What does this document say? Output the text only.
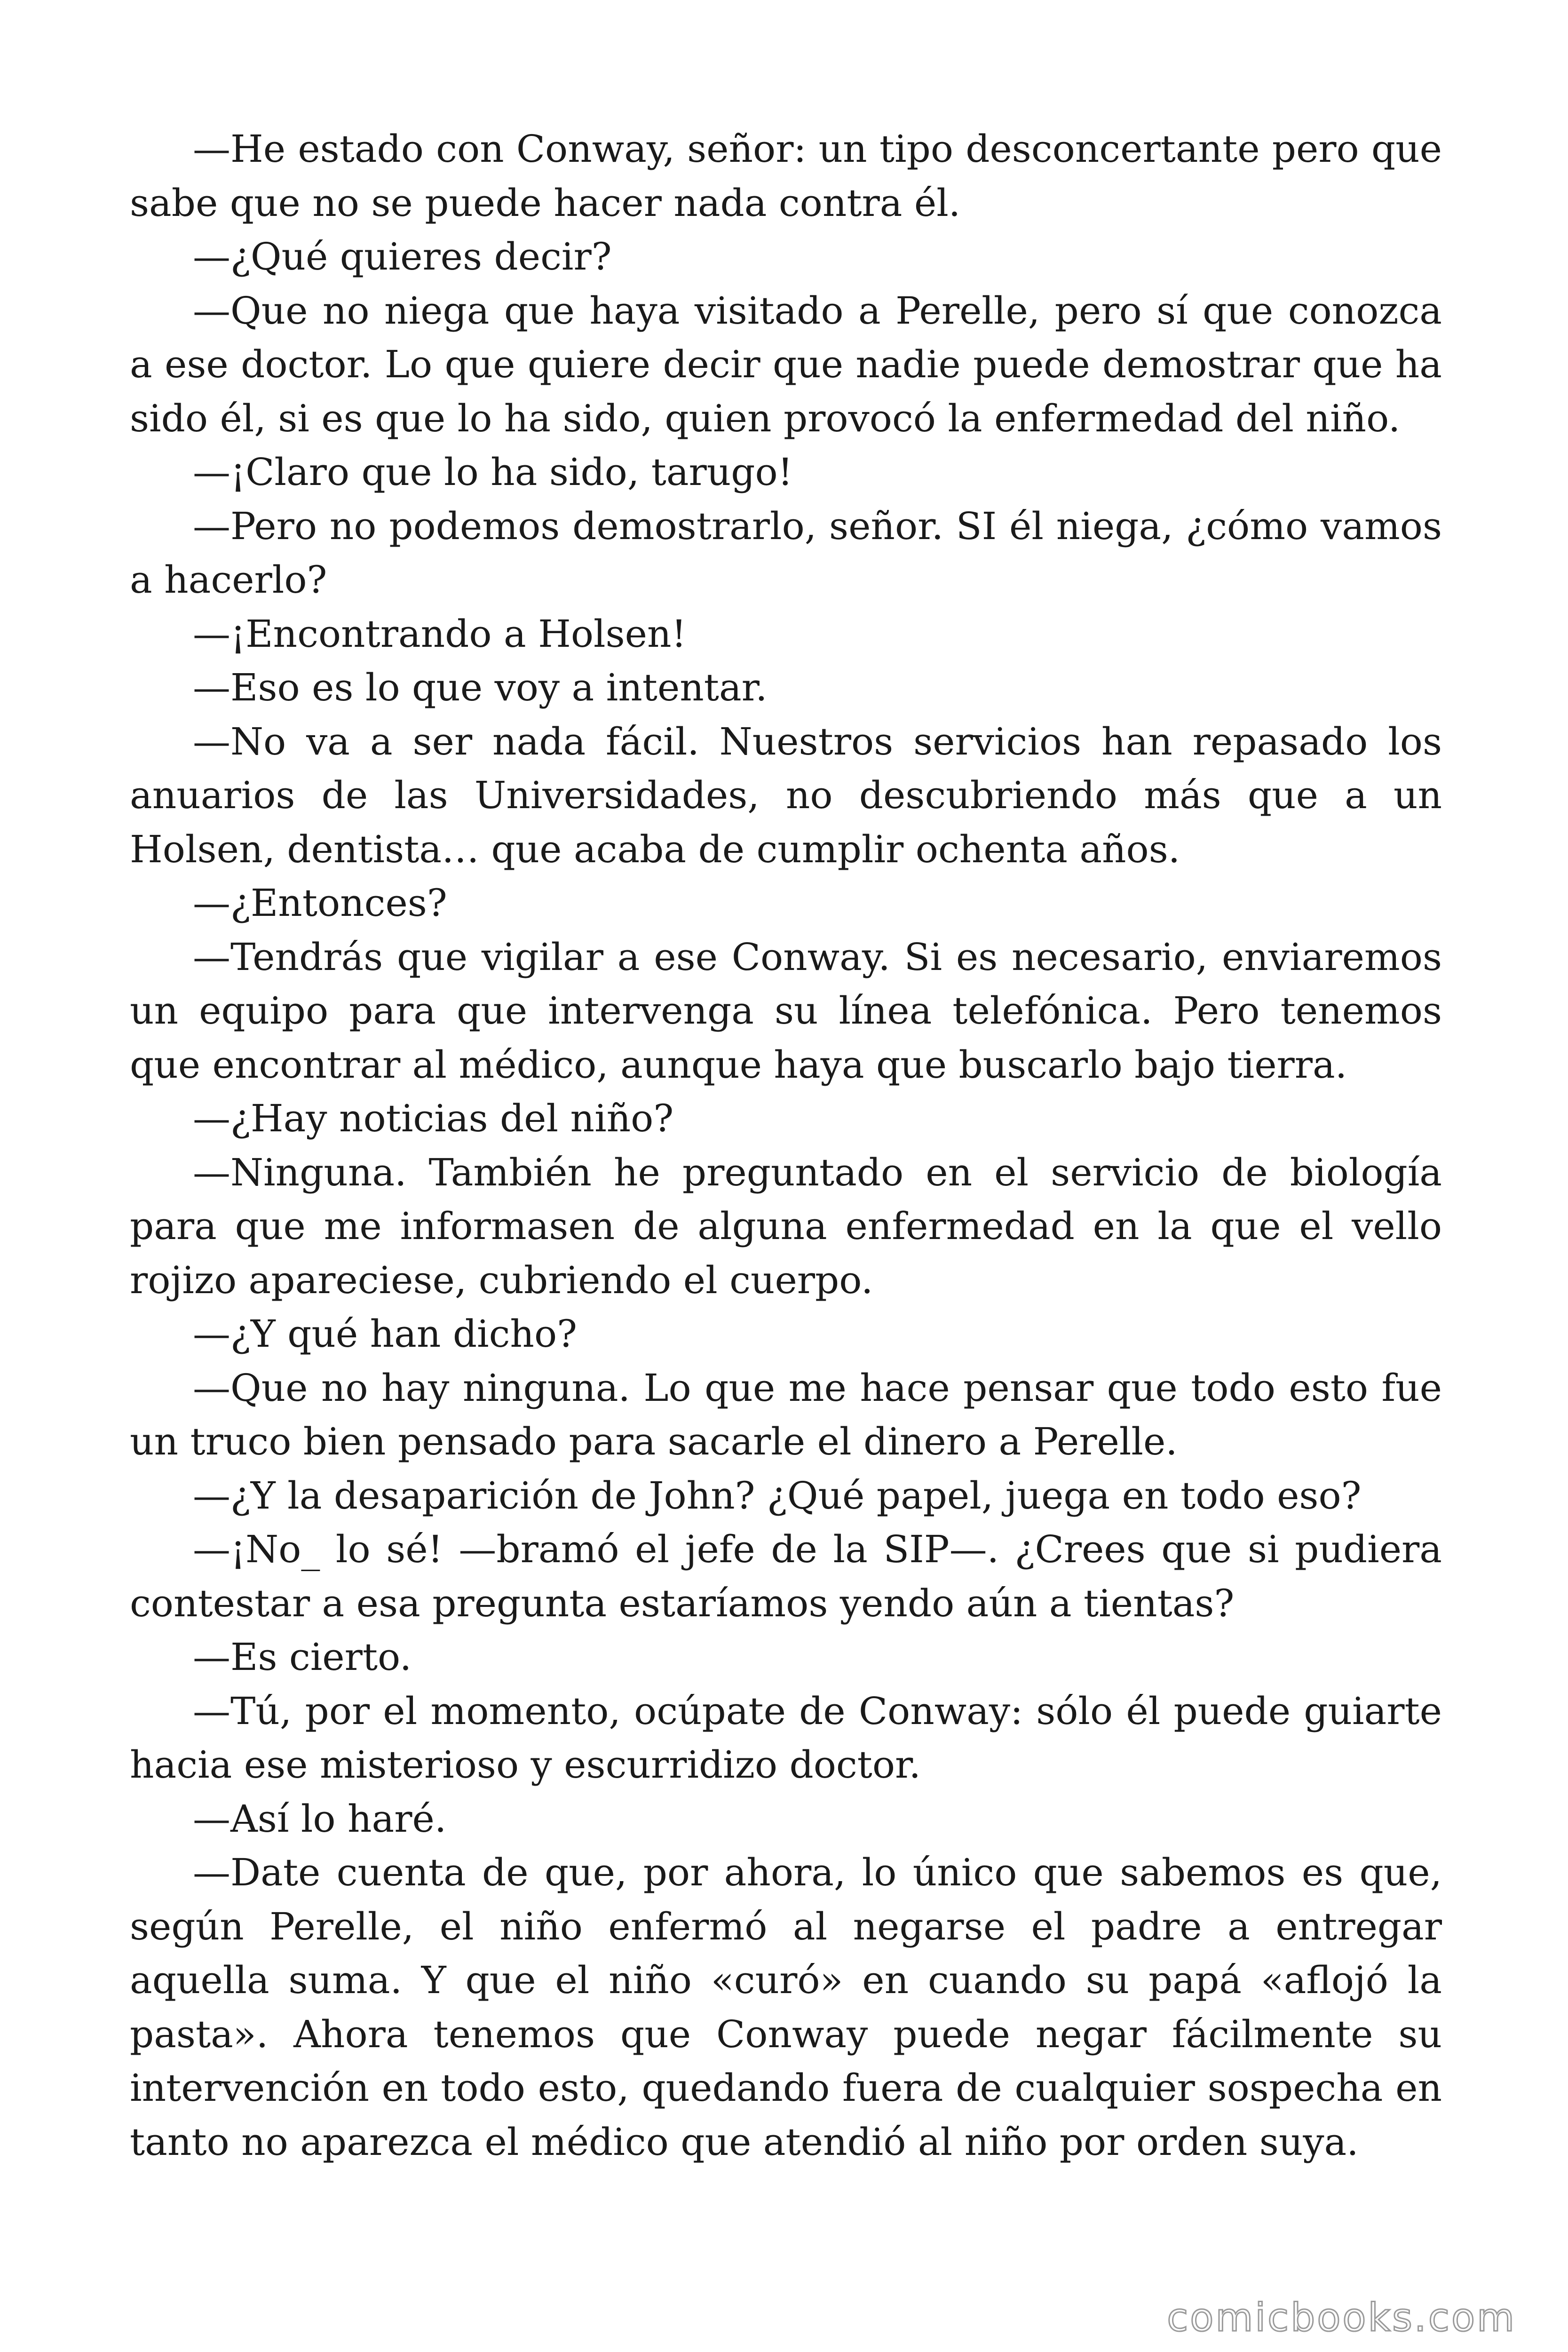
—He estado con Conway, señor: un tipo desconcertante pero que sabe que no se puede hacer nada contra él.

—¿Qué quieres decir?

—Que no niega que haya visitado a Perelle, pero sí que conozca a ese doctor. Lo que quiere decir que nadie puede demostrar que ha sido él, si es que lo ha sido, quien provocó la enfermedad del niño.

—¡Claro que lo ha sido, tarugo!

—Pero no podemos demostrarlo, señor. SI él niega, ¿cómo vamos a hacerlo?

—¡Encontrando a Holsen!

—Eso es lo que voy a intentar.

—No va a ser nada fácil. Nuestros servicios han repasado los anuarios de las Universidades, no descubriendo más que a un Holsen, dentista… que acaba de cumplir ochenta años.

—¿Entonces?

—Tendrás que vigilar a ese Conway. Si es necesario, enviaremos un equipo para que intervenga su línea telefónica. Pero tenemos que encontrar al médico, aunque haya que buscarlo bajo tierra.

—¿Hay noticias del niño?

—Ninguna. También he preguntado en el servicio de biología para que me informasen de alguna enfermedad en la que el vello rojizo apareciese, cubriendo el cuerpo.

—¿Y qué han dicho?

—Que no hay ninguna. Lo que me hace pensar que todo esto fue un truco bien pensado para sacarle el dinero a Perelle.

—¿Y la desaparición de John? ¿Qué papel, juega en todo eso?

—¡No_ lo sé! —bramó el jefe de la SIP—. ¿Crees que si pudiera contestar a esa pregunta estaríamos yendo aún a tientas?

—Es cierto.

—Tú, por el momento, ocúpate de Conway: sólo él puede guiarte hacia ese misterioso y escurridizo doctor.

—Así lo haré.

—Date cuenta de que, por ahora, lo único que sabemos es que, según Perelle, el niño enfermó al negarse el padre a entregar aquella suma. Y que el niño «curó» en cuando su papá «aflojó la pasta». Ahora tenemos que Conway puede negar fácilmente su intervención en todo esto, quedando fuera de cualquier sospecha en tanto no aparezca el médico que atendió al niño por orden suya.

comicbooks.com
